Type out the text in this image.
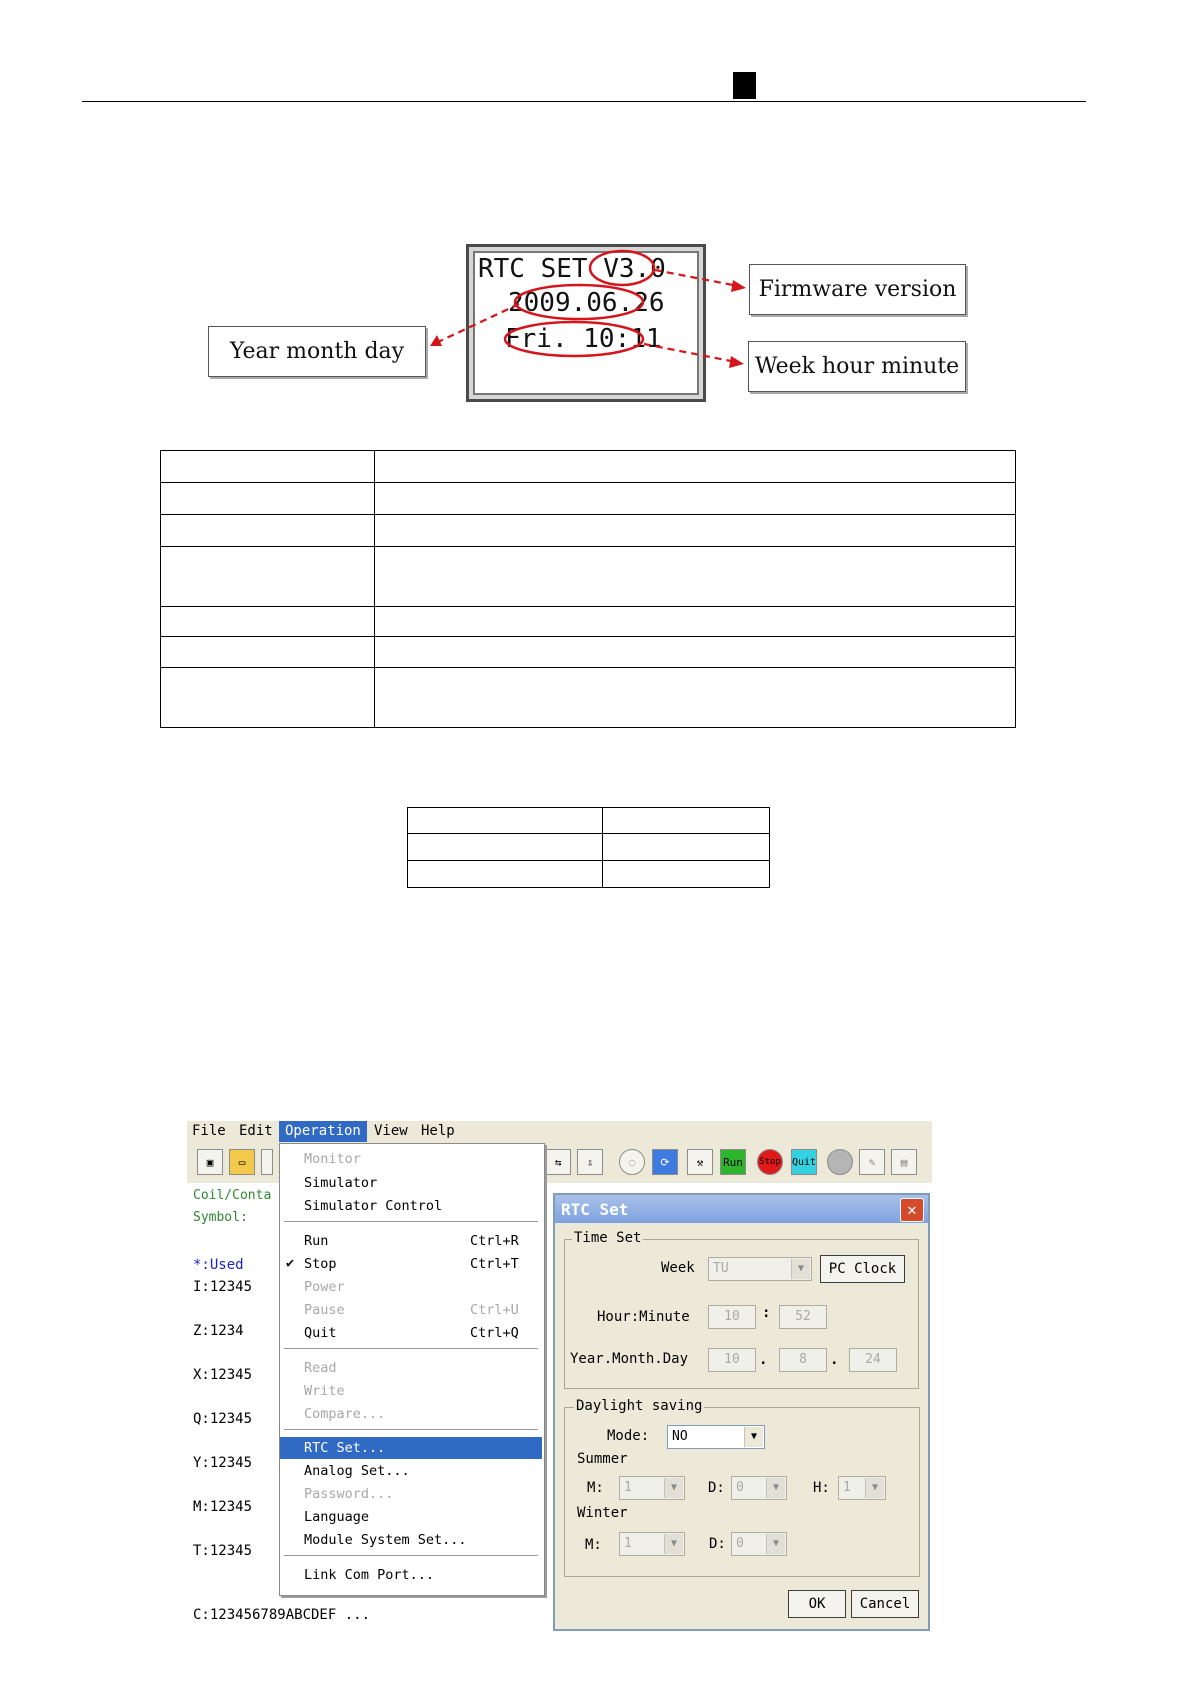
RTC SET V3.0
2009.06.26
Fri. 10:11
Firmware version
Year month day
Week hour minute

File Edit Operation View Help
▣	▭	⇆	⇩	◌	⟳	⚒	Run	Stop Quit	✎	▤
Coil/Conta
Symbol:
*:Used
I:12345
Z:1234
X:12345
Q:12345
Y:12345
M:12345
T:12345
C:123456789ABCDEF ...
Monitor
Simulator
Simulator Control
Run	Ctrl+R
✔ Stop	Ctrl+T
Power
Pause	Ctrl+U
Quit	Ctrl+Q
Read
Write
Compare...
RTC Set...
Analog Set...
Password...
Language
Module System Set...
Link Com Port...
RTC Set	✕
Time Set
Week	TU	▼	PC Clock
Hour:Minute	10	:	52
Year.Month.Day	10	.	8	.	24
Daylight saving
Mode:	NO	▼
Summer
M:	1	▼	D: 0	▼	H:	1	▼
Winter
M:	1	▼	D: 0	▼
OK	Cancel
